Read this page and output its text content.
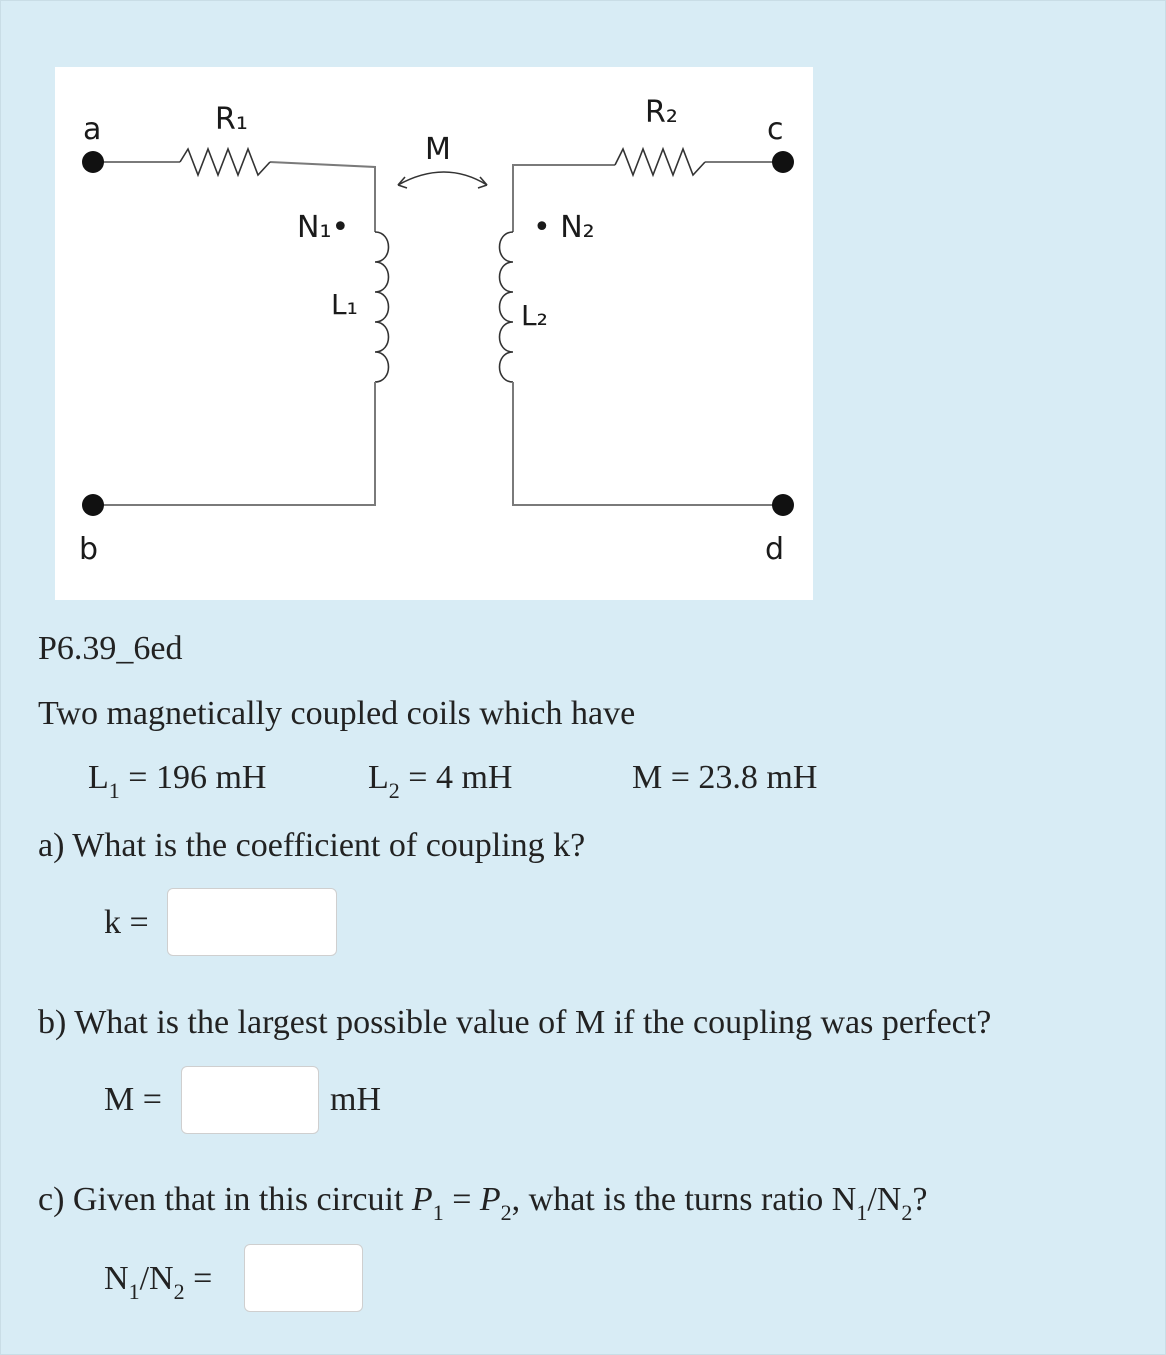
a
b
c
d
R₁	R₂
M
N₁•	• N₂
L₁	L₂
P6.39_6ed
Two magnetically coupled coils which have
$L_1 = 196$ mH	$L_2 = 4$ mH	M = 23.8 mH
a) What is the coefficient of coupling k?
k =
b) What is the largest possible value of M if the coupling was perfect?
M =	mH
c) Given that in this circuit $P_1 = P_2$, what is the turns ratio $N_1/N_2$?
$N_1/N_2$ =
